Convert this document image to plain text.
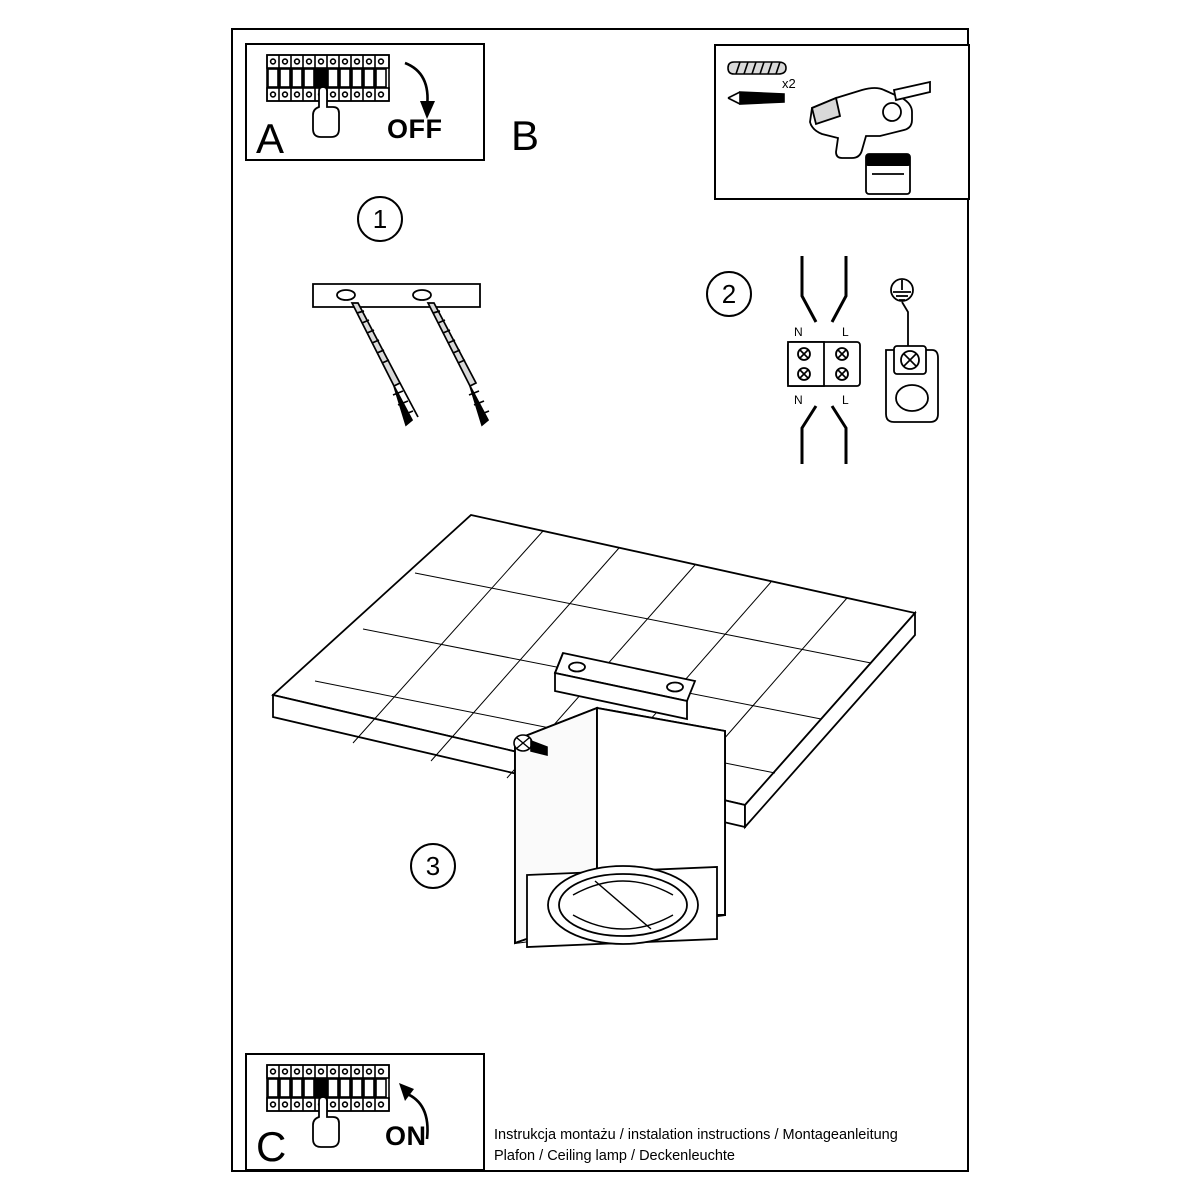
A	OFF B
x2
1
2
N	L
N	L
3
C	ON	Instrukcja montażu / instalation instructions / Montageanleitung
Plafon / Ceiling lamp / Deckenleuchte
